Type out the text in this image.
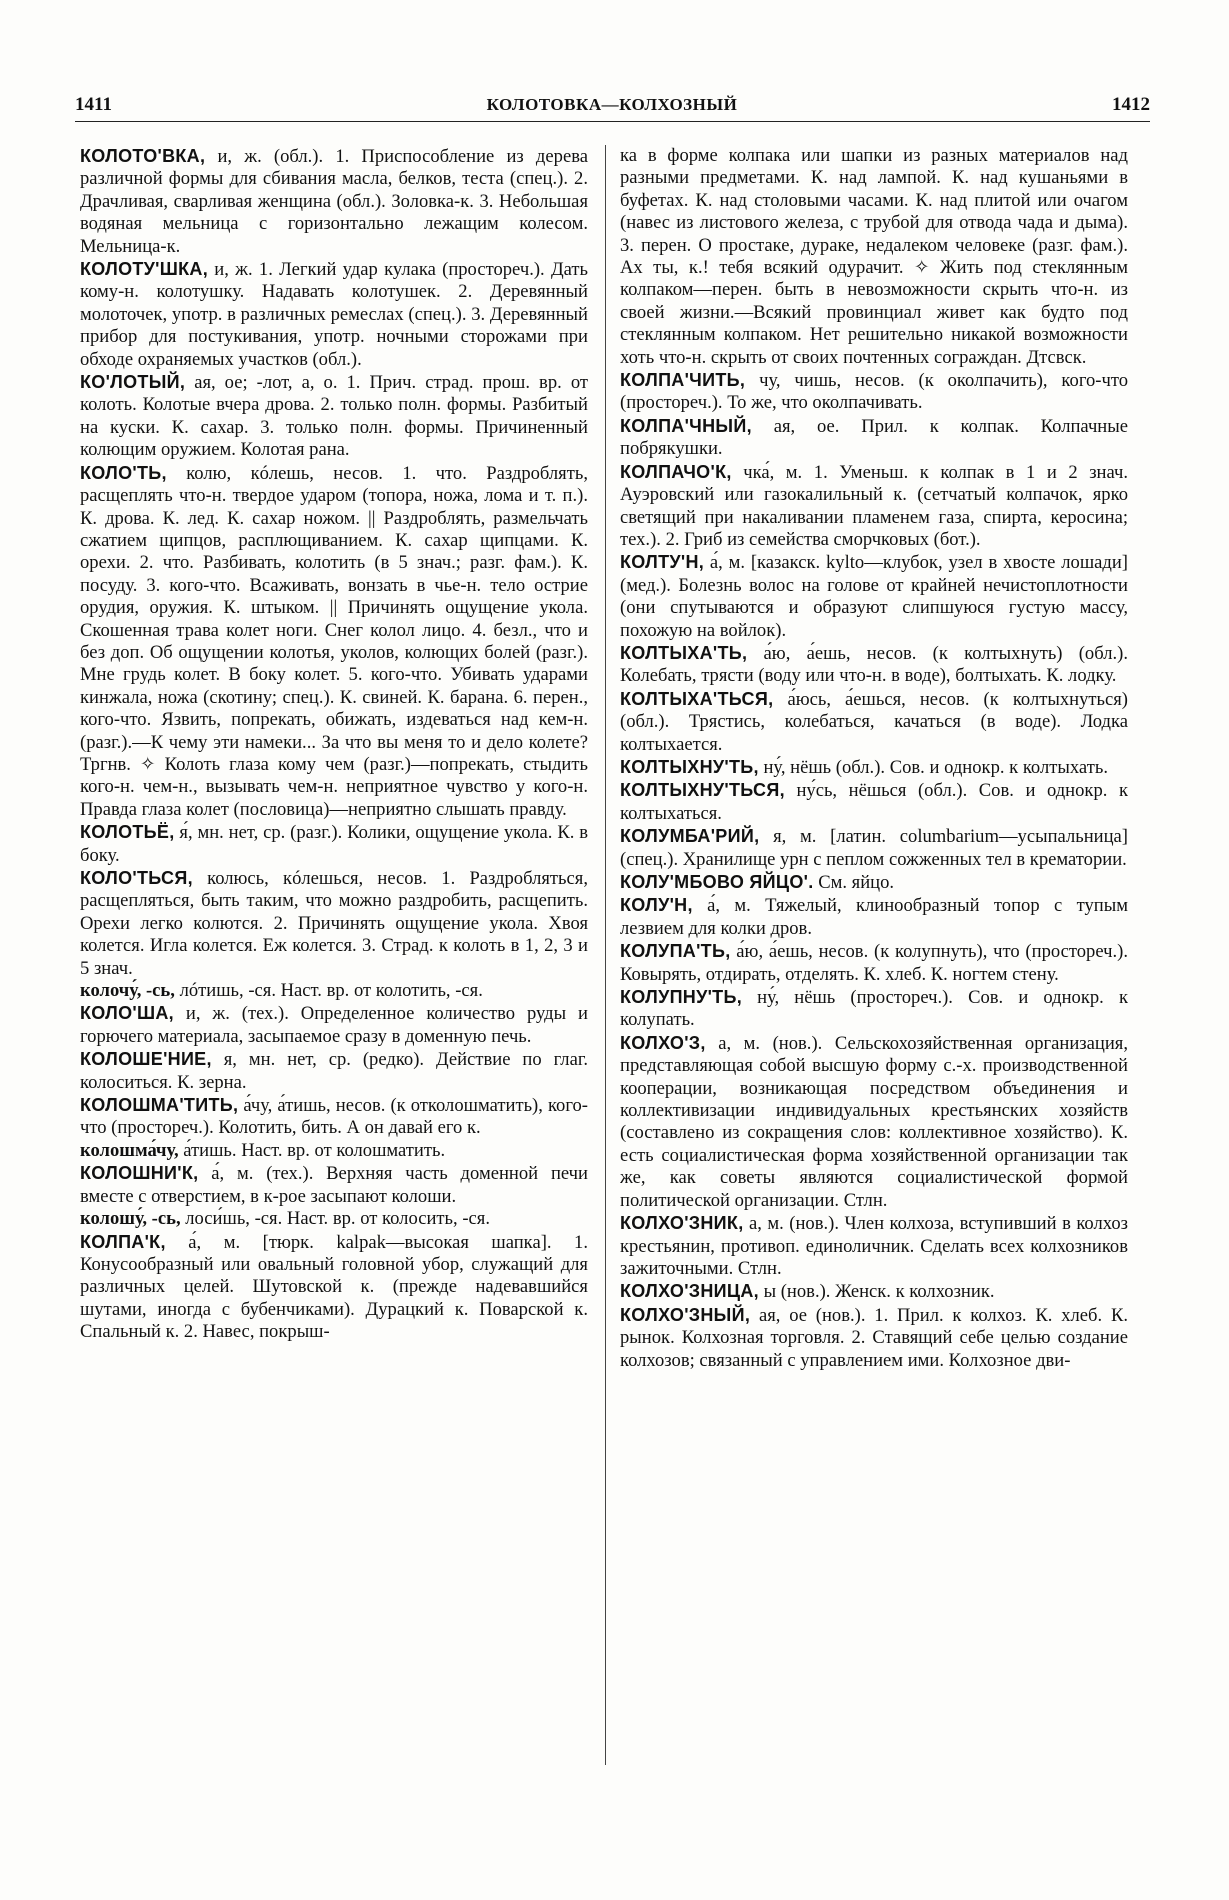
1411	КОЛОТОВКА—КОЛХОЗНЫЙ	1412

КОЛОТО'ВКА, и, ж. (обл.). 1. Приспособление из дерева различной формы для сбивания масла, белков, теста (спец.). 2. Драчливая, сварливая женщина (обл.). Золовка-к. 3. Небольшая водяная мельница с горизонтально лежащим колесом. Мельница-к.

КОЛОТУ'ШКА, и, ж. 1. Легкий удар кулака (простореч.). Дать кому-н. колотушку. Надавать колотушек. 2. Деревянный молоточек, употр. в различных ремеслах (спец.). 3. Деревянный прибор для постукивания, употр. ночными сторожами при обходе охраняемых участков (обл.).

КО'ЛОТЫЙ, ая, ое; -лот, а, о. 1. Прич. страд. прош. вр. от колоть. Колотые вчера дрова. 2. только полн. формы. Разбитый на куски. К. сахар. 3. только полн. формы. Причиненный колющим оружием. Колотая рана.

КОЛО'ТЬ, колю, кóлешь, несов. 1. что. Раздроблять, расщеплять что-н. твердое ударом (топора, ножа, лома и т. п.). К. дрова. К. лед. К. сахар ножом. || Раздроблять, размельчать сжатием щипцов, расплющиванием. К. сахар щипцами. К. орехи. 2. что. Разбивать, колотить (в 5 знач.; разг. фам.). К. посуду. 3. кого-что. Всаживать, вонзать в чье-н. тело острие орудия, оружия. К. штыком. || Причинять ощущение укола. Скошенная трава колет ноги. Снег колол лицо. 4. безл., что и без доп. Об ощущении колотья, уколов, колющих болей (разг.). Мне грудь колет. В боку колет. 5. кого-что. Убивать ударами кинжала, ножа (скотину; спец.). К. свиней. К. барана. 6. перен., кого-что. Язвить, попрекать, обижать, издеваться над кем-н. (разг.).—К чему эти намеки... За что вы меня то и дело колете? Тргнв. ✧ Колоть глаза кому чем (разг.)—попрекать, стыдить кого-н. чем-н., вызывать чем-н. неприятное чувство у кого-н. Правда глаза колет (пословица)—неприятно слышать правду.

КОЛОТЬЁ, я́, мн. нет, ср. (разг.). Колики, ощущение укола. К. в боку.

КОЛО'ТЬСЯ, колюсь, кóлешься, несов. 1. Раздробляться, расщепляться, быть таким, что можно раздробить, расщепить. Орехи легко колются. 2. Причинять ощущение укола. Хвоя колется. Игла колется. Еж колется. 3. Страд. к колоть в 1, 2, 3 и 5 знач.

колочу́, -сь, лóтишь, -ся. Наст. вр. от колотить, -ся.

КОЛО'ША, и, ж. (тех.). Определенное количество руды и горючего материала, засыпаемое сразу в доменную печь.

КОЛОШЕ'НИЕ, я, мн. нет, ср. (редко). Действие по глаг. колоситься. К. зерна.

КОЛОШМА'ТИТЬ, а́чу, а́тишь, несов. (к отколошматить), кого-что (простореч.). Колотить, бить. А он давай его к.

колошма́чу, а́тишь. Наст. вр. от колошматить.

КОЛОШНИ'К, а́, м. (тех.). Верхняя часть доменной печи вместе с отверстием, в к-рое засыпают колоши.

колошу́, -сь, лоси́шь, -ся. Наст. вр. от колосить, -ся.

КОЛПА'К, а́, м. [тюрк. kalpak—высокая шапка]. 1. Конусообразный или овальный головной убор, служащий для различных целей. Шутовской к. (прежде надевавшийся шутами, иногда с бубенчиками). Дурацкий к. Поварской к. Спальный к. 2. Навес, покрыш-

ка в форме колпака или шапки из разных материалов над разными предметами. К. над лампой. К. над кушаньями в буфетах. К. над столовыми часами. К. над плитой или очагом (навес из листового железа, с трубой для отвода чада и дыма). 3. перен. О простаке, дураке, недалеком человеке (разг. фам.). Ах ты, к.! тебя всякий одурачит. ✧ Жить под стеклянным колпаком—перен. быть в невозможности скрыть что-н. из своей жизни.—Всякий провинциал живет как будто под стеклянным колпаком. Нет решительно никакой возможности хоть что-н. скрыть от своих почтенных сограждан. Дтсвск.

КОЛПА'ЧИТЬ, чу, чишь, несов. (к околпачить), кого-что (простореч.). То же, что околпачивать.

КОЛПА'ЧНЫЙ, ая, ое. Прил. к колпак. Колпачные побрякушки.

КОЛПАЧО'К, чка́, м. 1. Уменьш. к колпак в 1 и 2 знач. Ауэровский или газокалильный к. (сетчатый колпачок, ярко светящий при накаливании пламенем газа, спирта, керосина; тех.). 2. Гриб из семейства сморчковых (бот.).

КОЛТУ'Н, а́, м. [казакск. kylto—клубок, узел в хвосте лошади] (мед.). Болезнь волос на голове от крайней нечистоплотности (они спутываются и образуют слипшуюся густую массу, похожую на войлок).

КОЛТЫХА'ТЬ, а́ю, а́ешь, несов. (к колтыхнуть) (обл.). Колебать, трясти (воду или что-н. в воде), болтыхать. К. лодку.

КОЛТЫХА'ТЬСЯ, а́юсь, а́ешься, несов. (к колтыхнуться) (обл.). Трястись, колебаться, качаться (в воде). Лодка колтыхается.

КОЛТЫХНУ'ТЬ, ну́, нёшь (обл.). Сов. и однокр. к колтыхать.

КОЛТЫХНУ'ТЬСЯ, ну́сь, нёшься (обл.). Сов. и однокр. к колтыхаться.

КОЛУМБА'РИЙ, я, м. [латин. columbarium—усыпальница] (спец.). Хранилище урн с пеплом сожженных тел в крематории.

КОЛУ'МБОВО ЯЙЦО'. См. яйцо.

КОЛУ'Н, а́, м. Тяжелый, клинообразный топор с тупым лезвием для колки дров.

КОЛУПА'ТЬ, а́ю, а́ешь, несов. (к колупнуть), что (простореч.). Ковырять, отдирать, отделять. К. хлеб. К. ногтем стену.

КОЛУПНУ'ТЬ, ну́, нёшь (простореч.). Сов. и однокр. к колупать.

КОЛХО'З, а, м. (нов.). Сельскохозяйственная организация, представляющая собой высшую форму с.-х. производственной кооперации, возникающая посредством объединения и коллективизации индивидуальных крестьянских хозяйств (составлено из сокращения слов: коллективное хозяйство). К. есть социалистическая форма хозяйственной организации так же, как советы являются социалистической формой политической организации. Стлн.

КОЛХО'ЗНИК, а, м. (нов.). Член колхоза, вступивший в колхоз крестьянин, противоп. единоличник. Сделать всех колхозников зажиточными. Стлн.

КОЛХО'ЗНИЦА, ы (нов.). Женск. к колхозник.

КОЛХО'ЗНЫЙ, ая, ое (нов.). 1. Прил. к колхоз. К. хлеб. К. рынок. Колхозная торговля. 2. Ставящий себе целью создание колхозов; связанный с управлением ими. Колхозное дви-
